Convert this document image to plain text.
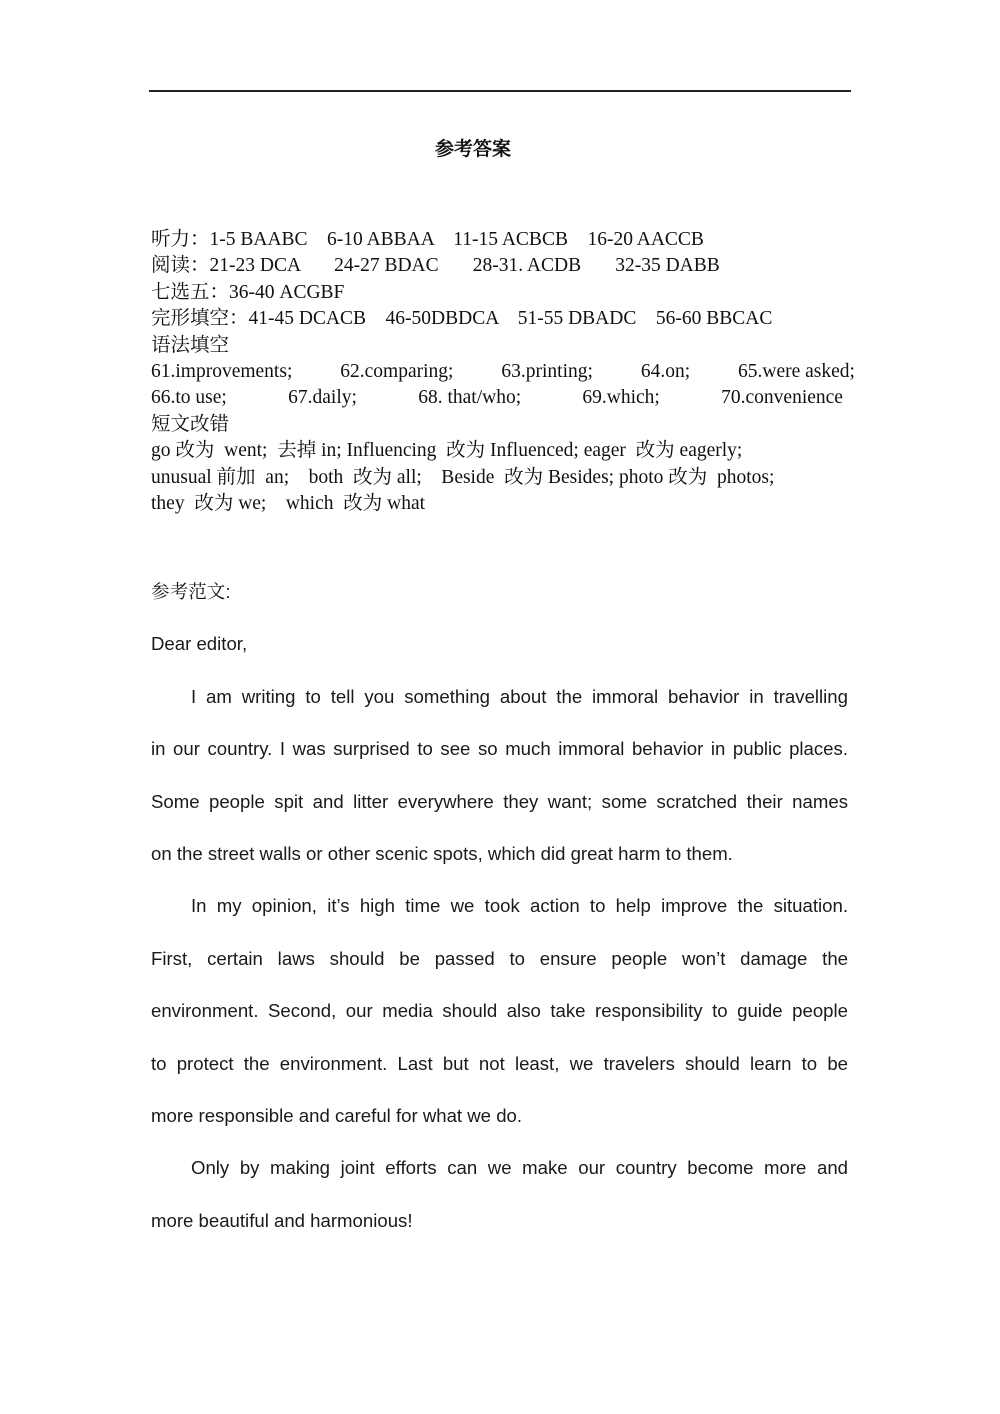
参考答案
听力：1-5 BAABC    6-10 ABBAA    11-15 ACBCB    16-20 AACCB
阅读：21-23 DCA       24-27 BDAC       28-31. ACDB       32-35 DABB
七选五：36-40 ACGBF
完形填空：41-45 DCACB    46-50DBDCA    51-55 DBADC    56-60 BBCAC
语法填空
61.improvements; 62.comparing; 63.printing; 64.on; 65.were asked;
66.to use;	67.daily;	68. that/who;	69.which;	70.convenience
短文改错
go 改为  went;  去掉 in; Influencing  改为 Influenced; eager  改为 eagerly;
unusual 前加  an;    both  改为 all;    Beside  改为 Besides; photo 改为  photos;
they  改为 we;    which  改为 what
参考范文:
Dear editor,
I am writing to tell you something about the immoral behavior in travelling
in our country. I was surprised to see so much immoral behavior in public places.
Some people spit and litter everywhere they want; some scratched their names
on the street walls or other scenic spots, which did great harm to them.
In my opinion, it’s high time we took action to help improve the situation.
First, certain laws should be passed to ensure people won’t damage the
environment. Second, our media should also take responsibility to guide people
to protect the environment. Last but not least, we travelers should learn to be
more responsible and careful for what we do.
Only by making joint efforts can we make our country become more and
more beautiful and harmonious!
